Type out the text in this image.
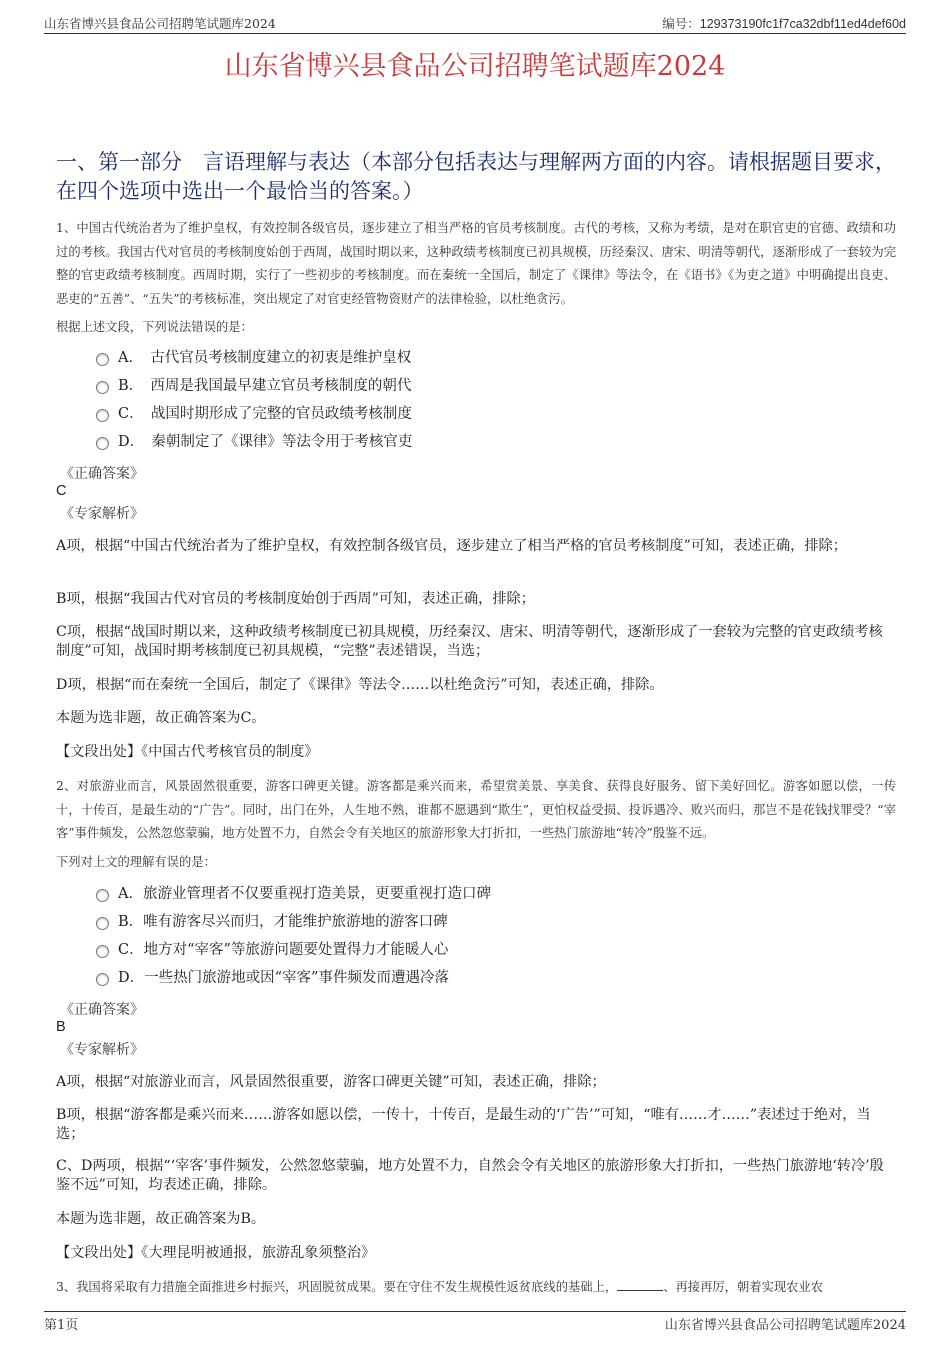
山东省博兴县食品公司招聘笔试题库2024	编号：129373190fc1f7ca32dbf11ed4def60d
山东省博兴县食品公司招聘笔试题库2024
一、第一部分　言语理解与表达（本部分包括表达与理解两方面的内容。请根据题目要求，在四个选项中选出一个最恰当的答案。）
1、中国古代统治者为了维护皇权，有效控制各级官员，逐步建立了相当严格的官员考核制度。古代的考核，又称为考绩，是对在职官吏的官德、政绩和功过的考核。我国古代对官员的考核制度始创于西周，战国时期以来，这种政绩考核制度已初具规模，历经秦汉、唐宋、明清等朝代，逐渐形成了一套较为完整的官吏政绩考核制度。西周时期，实行了一些初步的考核制度。而在秦统一全国后，制定了《课律》等法令，在《语书》《为吏之道》中明确提出良吏、恶吏的“五善”、“五失”的考核标准，突出规定了对官吏经管物资财产的法律检验，以杜绝贪污。
根据上述文段，下列说法错误的是：
A．　古代官员考核制度建立的初衷是维护皇权
B．　西周是我国最早建立官员考核制度的朝代
C．　战国时期形成了完整的官员政绩考核制度
D．　秦朝制定了《课律》等法令用于考核官吏
《正确答案》
C
《专家解析》
A项，根据“中国古代统治者为了维护皇权，有效控制各级官员，逐步建立了相当严格的官员考核制度”可知，表述正确，排除；
B项，根据“我国古代对官员的考核制度始创于西周”可知，表述正确，排除；
C项，根据“战国时期以来，这种政绩考核制度已初具规模，历经秦汉、唐宋、明清等朝代，逐渐形成了一套较为完整的官吏政绩考核制度”可知，战国时期考核制度已初具规模，“完整”表述错误，当选；
D项，根据“而在秦统一全国后，制定了《课律》等法令……以杜绝贪污”可知，表述正确，排除。
本题为选非题，故正确答案为C。
【文段出处】《中国古代考核官员的制度》
2、对旅游业而言，风景固然很重要，游客口碑更关键。游客都是乘兴而来，希望赏美景、享美食、获得良好服务、留下美好回忆。游客如愿以偿，一传十，十传百，是最生动的“广告”。同时，出门在外，人生地不熟，谁都不愿遇到“欺生”，更怕权益受损、投诉遇冷、败兴而归，那岂不是花钱找罪受？“宰客”事件频发，公然忽悠蒙骗，地方处置不力，自然会令有关地区的旅游形象大打折扣，一些热门旅游地“转冷”殷鉴不远。
下列对上文的理解有误的是：
A．旅游业管理者不仅要重视打造美景，更要重视打造口碑
B．唯有游客尽兴而归，才能维护旅游地的游客口碑
C．地方对“宰客”等旅游问题要处置得力才能暖人心
D．一些热门旅游地或因“宰客”事件频发而遭遇冷落
《正确答案》
B
《专家解析》
A项，根据“对旅游业而言，风景固然很重要，游客口碑更关键”可知，表述正确，排除；
B项，根据“游客都是乘兴而来……游客如愿以偿，一传十，十传百，是最生动的‘广告’”可知，“唯有……才……”表述过于绝对，当选；
C、D两项，根据“‘宰客’事件频发，公然忽悠蒙骗，地方处置不力，自然会令有关地区的旅游形象大打折扣，一些热门旅游地‘转冷’殷鉴不远”可知，均表述正确，排除。
本题为选非题，故正确答案为B。
【文段出处】《大理昆明被通报，旅游乱象须整治》
3、我国将采取有力措施全面推进乡村振兴，巩固脱贫成果。要在守住不发生规模性返贫底线的基础上，	、再接再厉，朝着实现农业农
第1页	山东省博兴县食品公司招聘笔试题库2024
